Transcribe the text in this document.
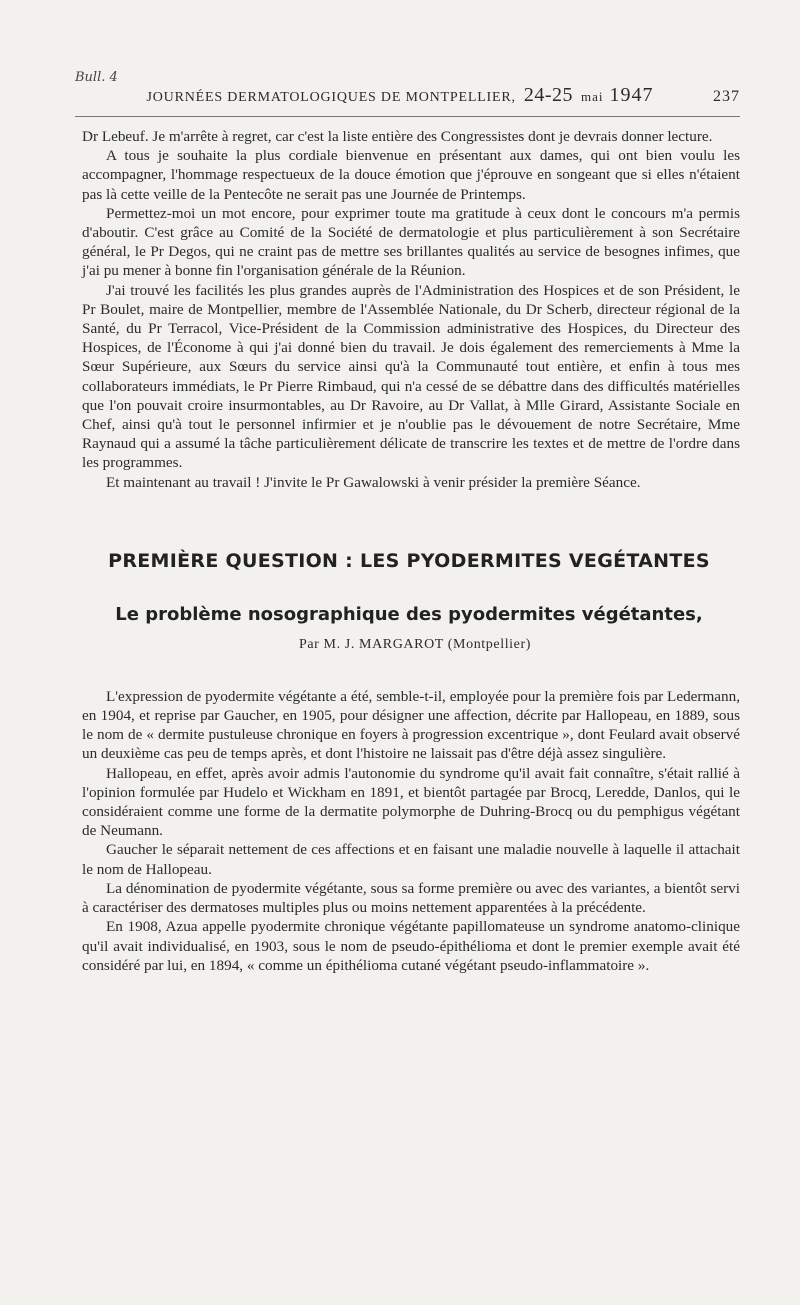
Bull. 4
JOURNÉES DERMATOLOGIQUES DE MONTPELLIER, 24-25 mai 1947	237

Dr Lebeuf. Je m'arrête à regret, car c'est la liste entière des Congressistes dont je devrais donner lecture.

A tous je souhaite la plus cordiale bienvenue en présentant aux dames, qui ont bien voulu les accompagner, l'hommage respectueux de la douce émotion que j'éprouve en songeant que si elles n'étaient pas là cette veille de la Pentecôte ne serait pas une Journée de Printemps.

Permettez-moi un mot encore, pour exprimer toute ma gratitude à ceux dont le concours m'a permis d'aboutir. C'est grâce au Comité de la Société de dermatologie et plus particulièrement à son Secrétaire général, le Pr Degos, qui ne craint pas de mettre ses brillantes qualités au service de besognes infimes, que j'ai pu mener à bonne fin l'organisation générale de la Réunion.

J'ai trouvé les facilités les plus grandes auprès de l'Administration des Hospices et de son Président, le Pr Boulet, maire de Montpellier, membre de l'Assemblée Nationale, du Dr Scherb, directeur régional de la Santé, du Pr Terracol, Vice-Président de la Commission administrative des Hospices, du Directeur des Hospices, de l'Économe à qui j'ai donné bien du travail. Je dois également des remerciements à Mme la Sœur Supérieure, aux Sœurs du service ainsi qu'à la Communauté tout entière, et enfin à tous mes collaborateurs immédiats, le Pr Pierre Rimbaud, qui n'a cessé de se débattre dans des difficultés matérielles que l'on pouvait croire insurmontables, au Dr Ravoire, au Dr Vallat, à Mlle Girard, Assistante Sociale en Chef, ainsi qu'à tout le personnel infirmier et je n'oublie pas le dévouement de notre Secrétaire, Mme Raynaud qui a assumé la tâche particulièrement délicate de transcrire les textes et de mettre de l'ordre dans les programmes.

Et maintenant au travail ! J'invite le Pr Gawalowski à venir présider la première Séance.

PREMIÈRE QUESTION : LES PYODERMITES VEGÉTANTES
Le problème nosographique des pyodermites végétantes,
Par M. J. MARGAROT (Montpellier)

L'expression de pyodermite végétante a été, semble-t-il, employée pour la première fois par Ledermann, en 1904, et reprise par Gaucher, en 1905, pour désigner une affection, décrite par Hallopeau, en 1889, sous le nom de « dermite pustuleuse chronique en foyers à progression excentrique », dont Feulard avait observé un deuxième cas peu de temps après, et dont l'histoire ne laissait pas d'être déjà assez singulière.

Hallopeau, en effet, après avoir admis l'autonomie du syndrome qu'il avait fait connaître, s'était rallié à l'opinion formulée par Hudelo et Wickham en 1891, et bientôt partagée par Brocq, Leredde, Danlos, qui le considéraient comme une forme de la dermatite polymorphe de Duhring-Brocq ou du pemphigus végétant de Neumann.

Gaucher le séparait nettement de ces affections et en faisant une maladie nouvelle à laquelle il attachait le nom de Hallopeau.

La dénomination de pyodermite végétante, sous sa forme première ou avec des variantes, a bientôt servi à caractériser des dermatoses multiples plus ou moins nettement apparentées à la précédente.

En 1908, Azua appelle pyodermite chronique végétante papillomateuse un syndrome anatomo-clinique qu'il avait individualisé, en 1903, sous le nom de pseudo-épithélioma et dont le premier exemple avait été considéré par lui, en 1894, « comme un épithélioma cutané végétant pseudo-inflammatoire ».
